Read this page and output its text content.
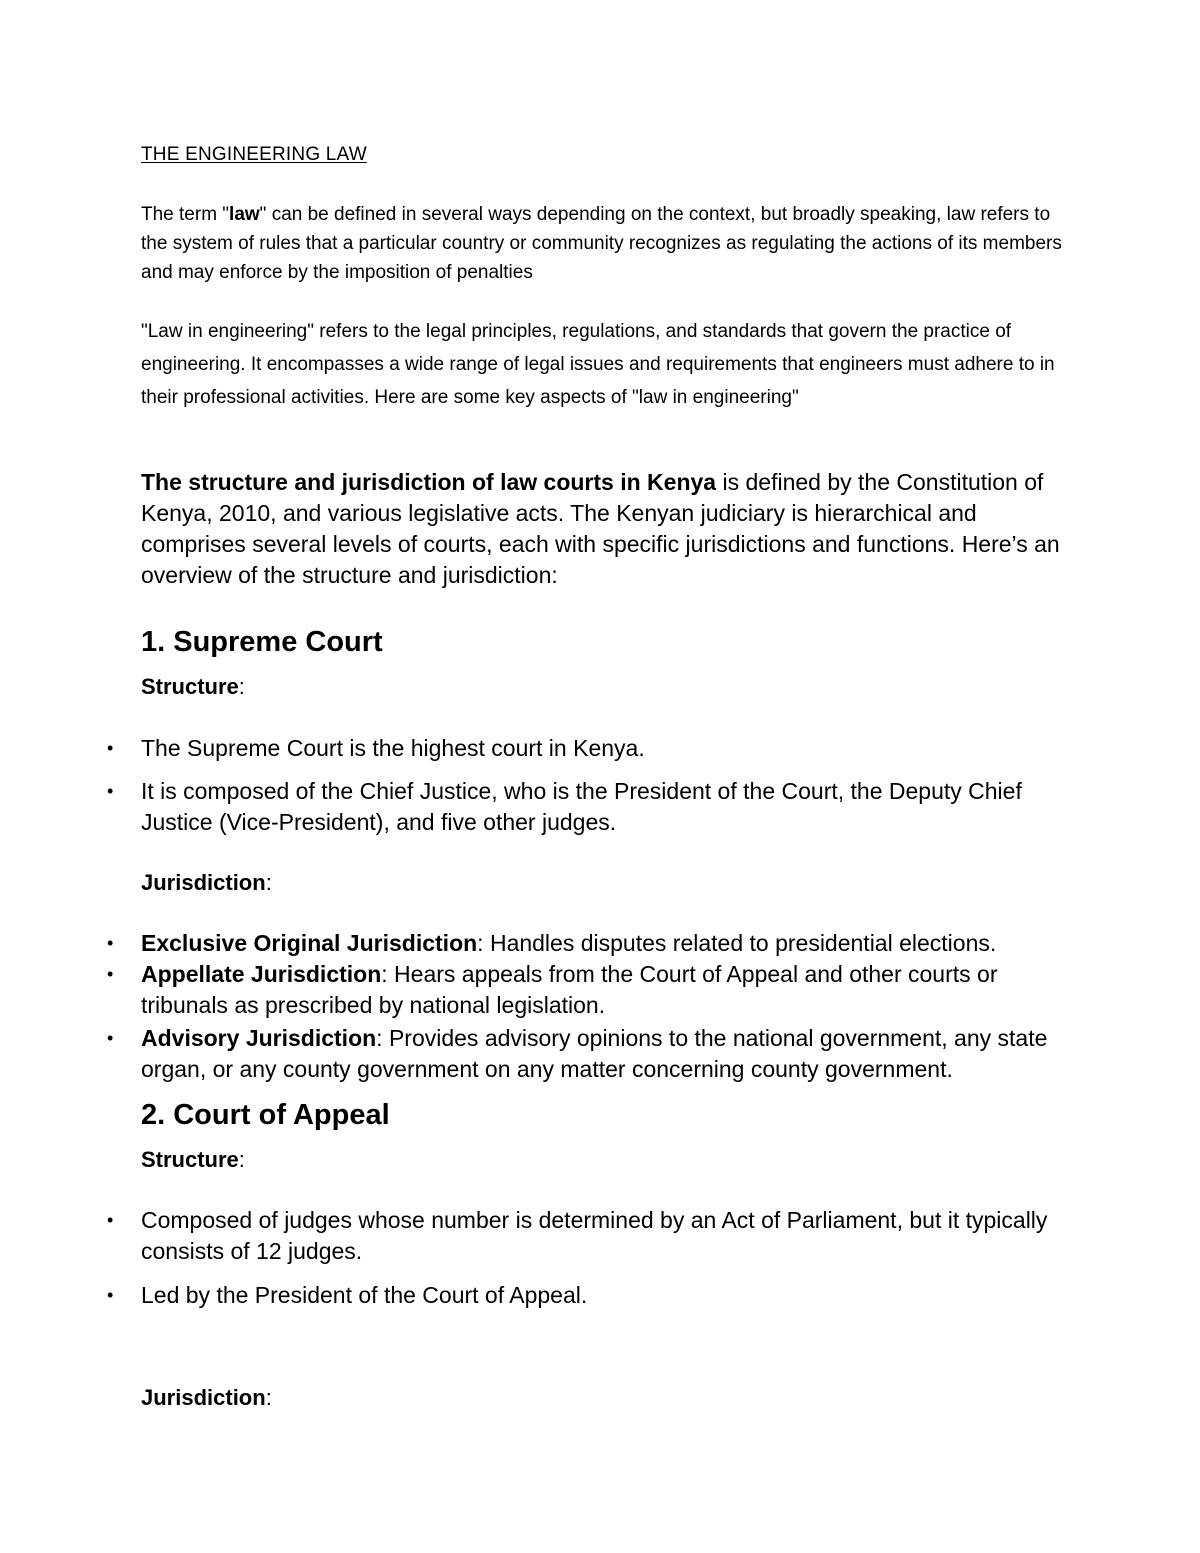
THE ENGINEERING LAW

The term "law" can be defined in several ways depending on the context, but broadly speaking, law refers to the system of rules that a particular country or community recognizes as regulating the actions of its members and may enforce by the imposition of penalties

"Law in engineering" refers to the legal principles, regulations, and standards that govern the practice of engineering. It encompasses a wide range of legal issues and requirements that engineers must adhere to in their professional activities. Here are some key aspects of "law in engineering"

The structure and jurisdiction of law courts in Kenya is defined by the Constitution of Kenya, 2010, and various legislative acts. The Kenyan judiciary is hierarchical and comprises several levels of courts, each with specific jurisdictions and functions. Here’s an overview of the structure and jurisdiction:

1. Supreme Court
Structure:
•	The Supreme Court is the highest court in Kenya.
•	It is composed of the Chief Justice, who is the President of the Court, the Deputy Chief Justice (Vice-President), and five other judges.
Jurisdiction:
•	Exclusive Original Jurisdiction: Handles disputes related to presidential elections.
•	Appellate Jurisdiction: Hears appeals from the Court of Appeal and other courts or tribunals as prescribed by national legislation.
•	Advisory Jurisdiction: Provides advisory opinions to the national government, any state organ, or any county government on any matter concerning county government.
2. Court of Appeal
Structure:
•	Composed of judges whose number is determined by an Act of Parliament, but it typically consists of 12 judges.
•	Led by the President of the Court of Appeal.
Jurisdiction:
